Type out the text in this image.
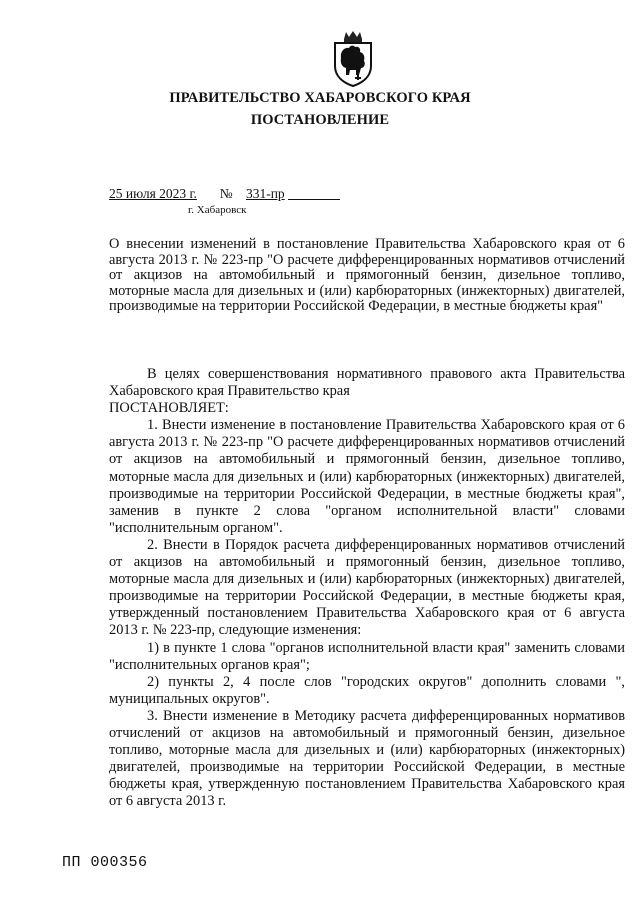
ПРАВИТЕЛЬСТВО ХАБАРОВСКОГО КРАЯ
ПОСТАНОВЛЕНИЕ
25 июля 2023 г. № 331-пр
г. Хабаровск
О внесении изменений в постановление Правительства Хабаровского края от 6 августа 2013 г. № 223-пр "О расчете дифференцированных нормативов отчислений от акцизов на автомобильный и прямогонный бензин, дизельное топливо, моторные масла для дизельных и (или) карбюраторных (инжекторных) двигателей, производимые на территории Российской Федерации, в местные бюджеты края"

В целях совершенствования нормативного правового акта Правительства Хабаровского края Правительство края

ПОСТАНОВЛЯЕТ:

1. Внести изменение в постановление Правительства Хабаровского края от 6 августа 2013 г. № 223-пр "О расчете дифференцированных нормативов отчислений от акцизов на автомобильный и прямогонный бензин, дизельное топливо, моторные масла для дизельных и (или) карбюраторных (инжекторных) двигателей, производимые на территории Российской Федерации, в местные бюджеты края", заменив в пункте 2 слова "органом исполнительной власти" словами "исполнительным органом".

2. Внести в Порядок расчета дифференцированных нормативов отчислений от акцизов на автомобильный и прямогонный бензин, дизельное топливо, моторные масла для дизельных и (или) карбюраторных (инжекторных) двигателей, производимые на территории Российской Федерации, в местные бюджеты края, утвержденный постановлением Правительства Хабаровского края от 6 августа 2013 г. № 223-пр, следующие изменения:

1) в пункте 1 слова "органов исполнительной власти края" заменить словами "исполнительных органов края";

2) пункты 2, 4 после слов "городских округов" дополнить словами ", муниципальных округов".

3. Внести изменение в Методику расчета дифференцированных нормативов отчислений от акцизов на автомобильный и прямогонный бензин, дизельное топливо, моторные масла для дизельных и (или) карбюраторных (инжекторных) двигателей, производимые на территории Российской Федерации, в местные бюджеты края, утвержденную постановлением Правительства Хабаровского края от 6 августа 2013 г.

ПП 000356
